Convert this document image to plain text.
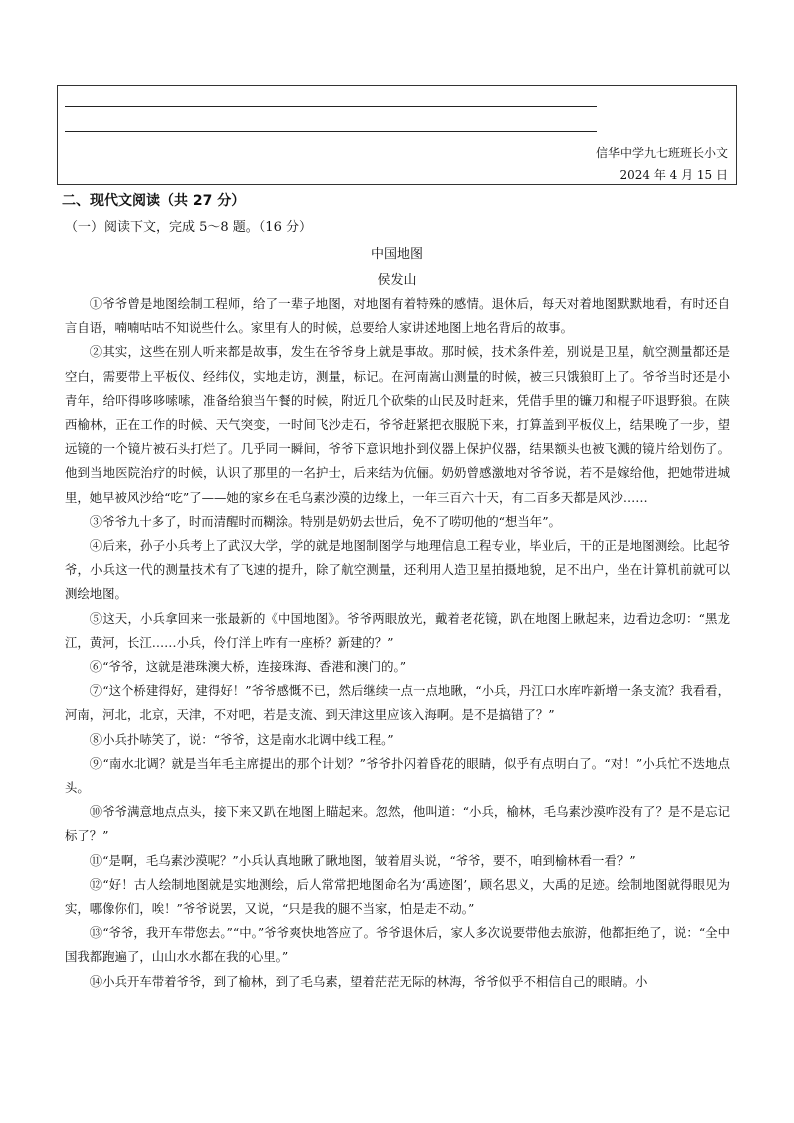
信华中学九七班班长小文
2024 年 4 月 15 日
二、现代文阅读（共 27 分）
（一）阅读下文，完成 5～8 题。（16 分）
中国地图
侯发山

①爷爷曾是地图绘制工程师，给了一辈子地图，对地图有着特殊的感情。退休后，每天对着地图默默地看，有时还自言自语，喃喃咕咕不知说些什么。家里有人的时候，总要给人家讲述地图上地名背后的故事。

②其实，这些在别人听来都是故事，发生在爷爷身上就是事故。那时候，技术条件差，别说是卫星，航空测量都还是空白，需要带上平板仪、经纬仪，实地走访，测量，标记。在河南嵩山测量的时候，被三只饿狼盯上了。爷爷当时还是小青年，给吓得哆哆嗦嗦，准备给狼当午餐的时候，附近几个砍柴的山民及时赶来，凭借手里的镰刀和棍子吓退野狼。在陕西榆林，正在工作的时候、天气突变，一时间飞沙走石，爷爷赶紧把衣服脱下来，打算盖到平板仪上，结果晚了一步，望远镜的一个镜片被石头打烂了。几乎同一瞬间，爷爷下意识地扑到仪器上保护仪器，结果额头也被飞溅的镜片给划伤了。他到当地医院治疗的时候，认识了那里的一名护士，后来结为伉俪。奶奶曾感激地对爷爷说，若不是嫁给他，把她带进城里，她早被风沙给“吃”了——她的家乡在毛乌素沙漠的边缘上，一年三百六十天，有二百多天都是风沙……

③爷爷九十多了，时而清醒时而糊涂。特别是奶奶去世后，免不了唠叨他的“想当年”。

④后来，孙子小兵考上了武汉大学，学的就是地图制图学与地理信息工程专业，毕业后，干的正是地图测绘。比起爷爷，小兵这一代的测量技术有了飞速的提升，除了航空测量，还利用人造卫星拍摄地貌，足不出户，坐在计算机前就可以测绘地图。

⑤这天，小兵拿回来一张最新的《中国地图》。爷爷两眼放光，戴着老花镜，趴在地图上瞅起来，边看边念叨：“黑龙江，黄河，长江……小兵，伶仃洋上咋有一座桥？新建的？”

⑥“爷爷，这就是港珠澳大桥，连接珠海、香港和澳门的。”

⑦“这个桥建得好，建得好！”爷爷感慨不已，然后继续一点一点地瞅，“小兵，丹江口水库咋新增一条支流？我看看，河南，河北，北京，天津，不对吧，若是支流、到天津这里应该入海啊。是不是搞错了？”

⑧小兵扑哧笑了，说：“爷爷，这是南水北调中线工程。”

⑨“南水北调？就是当年毛主席提出的那个计划？”爷爷扑闪着昏花的眼睛，似乎有点明白了。“对！”小兵忙不迭地点头。

⑩爷爷满意地点点头，接下来又趴在地图上瞄起来。忽然，他叫道：“小兵，榆林，毛乌素沙漠咋没有了？是不是忘记标了？”

⑪“是啊，毛乌素沙漠呢？”小兵认真地瞅了瞅地图，皱着眉头说，“爷爷，要不，咱到榆林看一看？”

⑫“好！古人绘制地图就是实地测绘，后人常常把地图命名为‘禹迹图’，顾名思义，大禹的足迹。绘制地图就得眼见为实，哪像你们，唉！”爷爷说罢，又说，“只是我的腿不当家，怕是走不动。”

⑬“爷爷，我开车带您去。”“中。”爷爷爽快地答应了。爷爷退休后，家人多次说要带他去旅游，他都拒绝了，说：“全中国我都跑遍了，山山水水都在我的心里。”

⑭小兵开车带着爷爷，到了榆林，到了毛乌素，望着茫茫无际的林海，爷爷似乎不相信自己的眼睛。小
